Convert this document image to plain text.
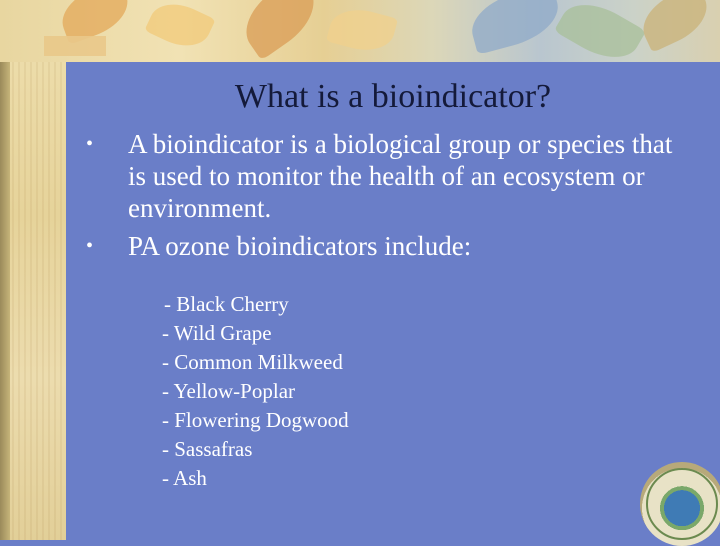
What is a bioindicator?
• A bioindicator is a biological group or species that is used to monitor the health of an ecosystem or environment.
• PA ozone bioindicators include:
- Black Cherry
- Wild Grape
- Common Milkweed
- Yellow-Poplar
- Flowering Dogwood
- Sassafras
- Ash
